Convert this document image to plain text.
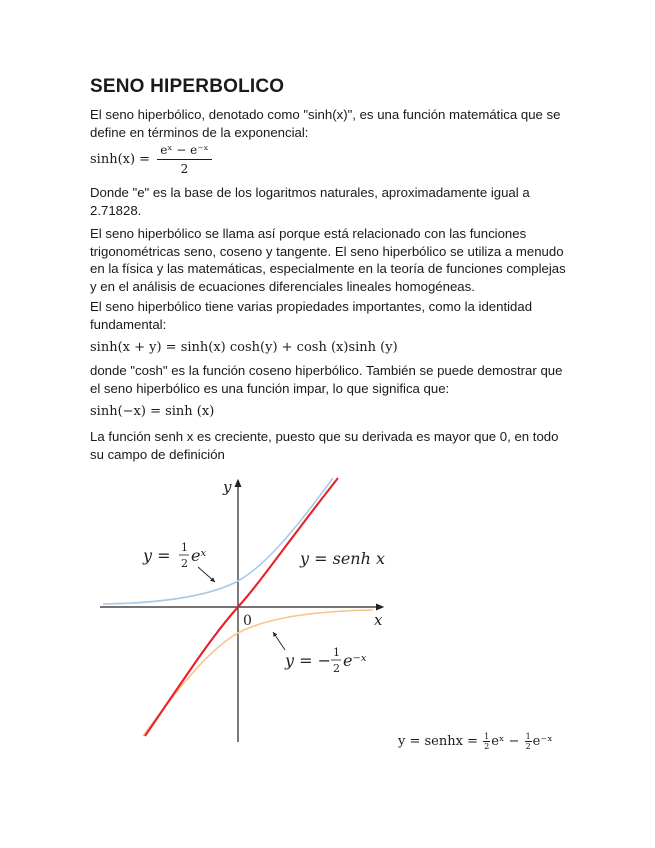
SENO HIPERBOLICO

El seno hiperbólico, denotado como "sinh(x)", es una función matemática que se define en términos de la exponencial:

$\sinh(x) = \frac{\text{eˣ − e⁻ˣ}}{2}$

Donde "e" es la base de los logaritmos naturales, aproximadamente igual a 2.71828.

El seno hiperbólico se llama así porque está relacionado con las funciones trigonométricas seno, coseno y tangente. El seno hiperbólico se utiliza a menudo en la física y las matemáticas, especialmente en la teoría de funciones complejas y en el análisis de ecuaciones diferenciales lineales homogéneas.

El seno hiperbólico tiene varias propiedades importantes, como la identidad fundamental:

sinh(x + y) = sinh(x) cosh(y) + cosh (x)sinh (y)

donde "cosh" es la función coseno hiperbólico. También se puede demostrar que el seno hiperbólico es una función impar, lo que significa que:

sinh(−x) = sinh (x)

La función senh x es creciente, puesto que su derivada es mayor que 0, en todo su campo de definición

y
x
0
y = 1
2 eˣ	y = senh x
y = − 1
2 e⁻ˣ
y = senhx = $\frac{1}{2}$ eˣ − $\frac{1}{2}$ e⁻ˣ
